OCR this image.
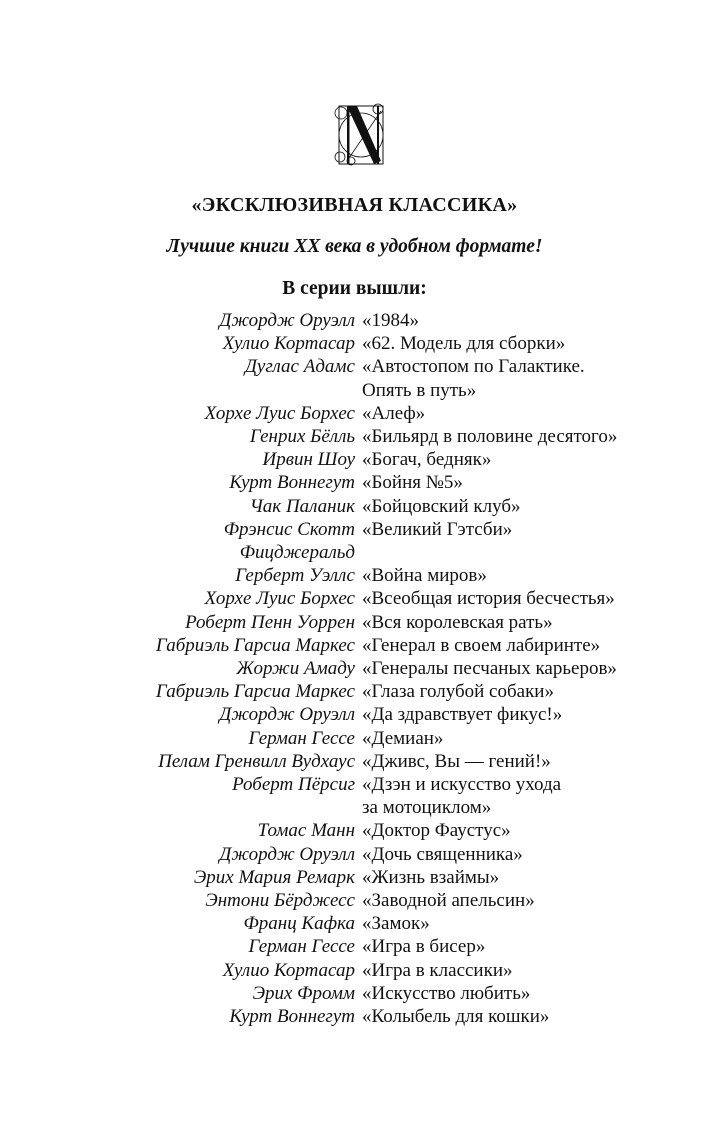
«ЭКСКЛЮЗИВНАЯ КЛАССИКА»
Лучшие книги XX века в удобном формате!
В серии вышли:
Джордж Оруэлл «1984»
Хулио Кортасар «62. Модель для сборки»
Дуглас Адамс «Автостопом по Галактике.
Опять в путь»
Хорхе Луис Борхес «Алеф»
Генрих Бёлль «Бильярд в половине десятого»
Ирвин Шоу «Богач, бедняк»
Курт Воннегут «Бойня №5»
Чак Паланик «Бойцовский клуб»
Фрэнсис Скотт
Фицджеральд
«Великий Гэтсби»
Герберт Уэллс «Война миров»
Хорхе Луис Борхес «Всеобщая история бесчестья»
Роберт Пенн Уоррен «Вся королевская рать»
Габриэль Гарсиа Маркес «Генерал в своем лабиринте»
Жоржи Амаду «Генералы песчаных карьеров»
Габриэль Гарсиа Маркес «Глаза голубой собаки»
Джордж Оруэлл «Да здравствует фикус!»
Герман Гессе «Демиан»
Пелам Гренвилл Вудхаус «Дживс, Вы — гений!»
Роберт Пёрсиг «Дзэн и искусство ухода
за мотоциклом»
Томас Манн «Доктор Фаустус»
Джордж Оруэлл «Дочь священника»
Эрих Мария Ремарк «Жизнь взаймы»
Энтони Бёрджесс «Заводной апельсин»
Франц Кафка «Замок»
Герман Гессе «Игра в бисер»
Хулио Кортасар «Игра в классики»
Эрих Фромм «Искусство любить»
Курт Воннегут «Колыбель для кошки»
